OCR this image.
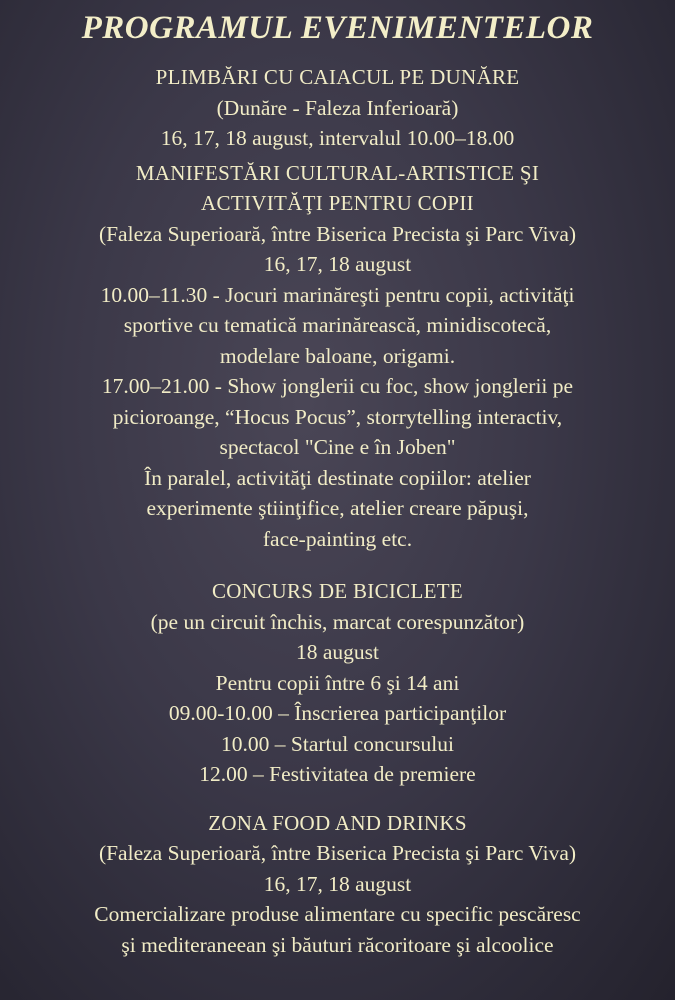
PROGRAMUL EVENIMENTELOR
PLIMBĂRI CU CAIACUL PE DUNĂRE
(Dunăre - Faleza Inferioară)
16, 17, 18 august, intervalul 10.00–18.00
MANIFESTĂRI CULTURAL-ARTISTICE ŞI
ACTIVITĂŢI PENTRU COPII
(Faleza Superioară, între Biserica Precista şi Parc Viva)
16, 17, 18 august
10.00–11.30 - Jocuri marinăreşti pentru copii, activităţi
sportive cu tematică marinărească, minidiscotecă,
modelare baloane, origami.
17.00–21.00 - Show jonglerii cu foc, show jonglerii pe
picioroange, “Hocus Pocus”, storrytelling interactiv,
spectacol "Cine e în Joben"
În paralel, activităţi destinate copiilor: atelier
experimente ştiinţifice, atelier creare păpuşi,
face-painting etc.
CONCURS DE BICICLETE
(pe un circuit închis, marcat corespunzător)
18 august
Pentru copii între 6 şi 14 ani
09.00-10.00 – Înscrierea participanţilor
10.00 – Startul concursului
12.00 – Festivitatea de premiere
ZONA FOOD AND DRINKS
(Faleza Superioară, între Biserica Precista şi Parc Viva)
16, 17, 18 august
Comercializare produse alimentare cu specific pescăresc
şi mediteraneean şi băuturi răcoritoare şi alcoolice
